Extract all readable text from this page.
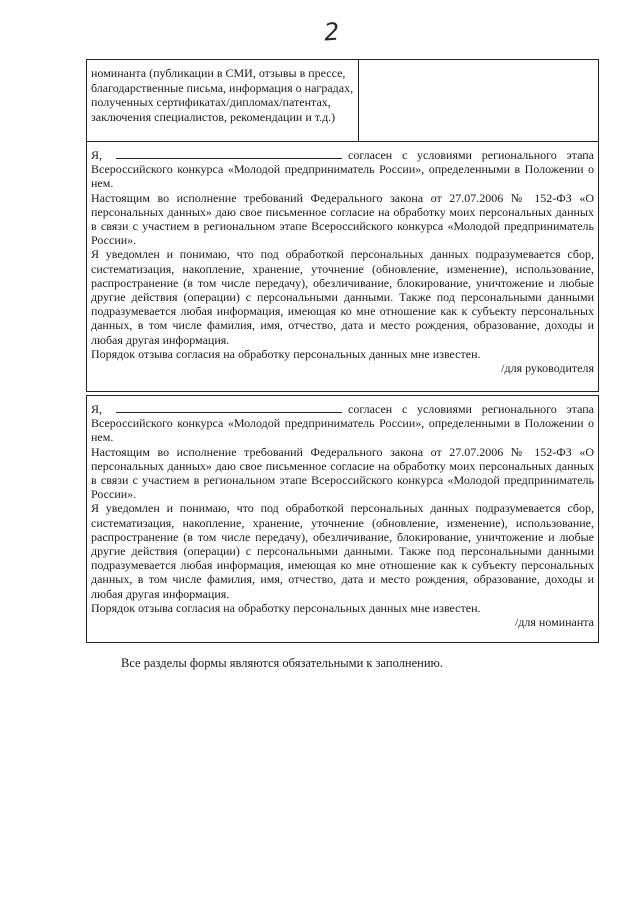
2
номинанта (публикации в СМИ, отзывы в прессе, благодарственные письма, информация о наградах, полученных сертификатах/дипломах/патентах, заключения специалистов, рекомендации и т.д.)

Я,	согласен с условиями регионального этапа

Всероссийского конкурса «Молодой предприниматель России», определенными в Положении о нем.

Настоящим во исполнение требований Федерального закона от 27.07.2006 № 152-ФЗ «О персональных данных» даю свое письменное согласие на обработку моих персональных данных в связи с участием в региональном этапе Всероссийского конкурса «Молодой предприниматель России».

Я уведомлен и понимаю, что под обработкой персональных данных подразумевается сбор, систематизация, накопление, хранение, уточнение (обновление, изменение), использование, распространение (в том числе передачу), обезличивание, блокирование, уничтожение и любые другие действия (операции) с персональными данными. Также под персональными данными подразумевается любая информация, имеющая ко мне отношение как к субъекту персональных данных, в том числе фамилия, имя, отчество, дата и место рождения, образование, доходы и любая другая информация.

Порядок отзыва согласия на обработку персональных данных мне известен.

/для руководителя

Я,	согласен с условиями регионального этапа

Всероссийского конкурса «Молодой предприниматель России», определенными в Положении о нем.

Настоящим во исполнение требований Федерального закона от 27.07.2006 № 152-ФЗ «О персональных данных» даю свое письменное согласие на обработку моих персональных данных в связи с участием в региональном этапе Всероссийского конкурса «Молодой предприниматель России».

Я уведомлен и понимаю, что под обработкой персональных данных подразумевается сбор, систематизация, накопление, хранение, уточнение (обновление, изменение), использование, распространение (в том числе передачу), обезличивание, блокирование, уничтожение и любые другие действия (операции) с персональными данными. Также под персональными данными подразумевается любая информация, имеющая ко мне отношение как к субъекту персональных данных, в том числе фамилия, имя, отчество, дата и место рождения, образование, доходы и любая другая информация.

Порядок отзыва согласия на обработку персональных данных мне известен.

/для номинанта

Все разделы формы являются обязательными к заполнению.
